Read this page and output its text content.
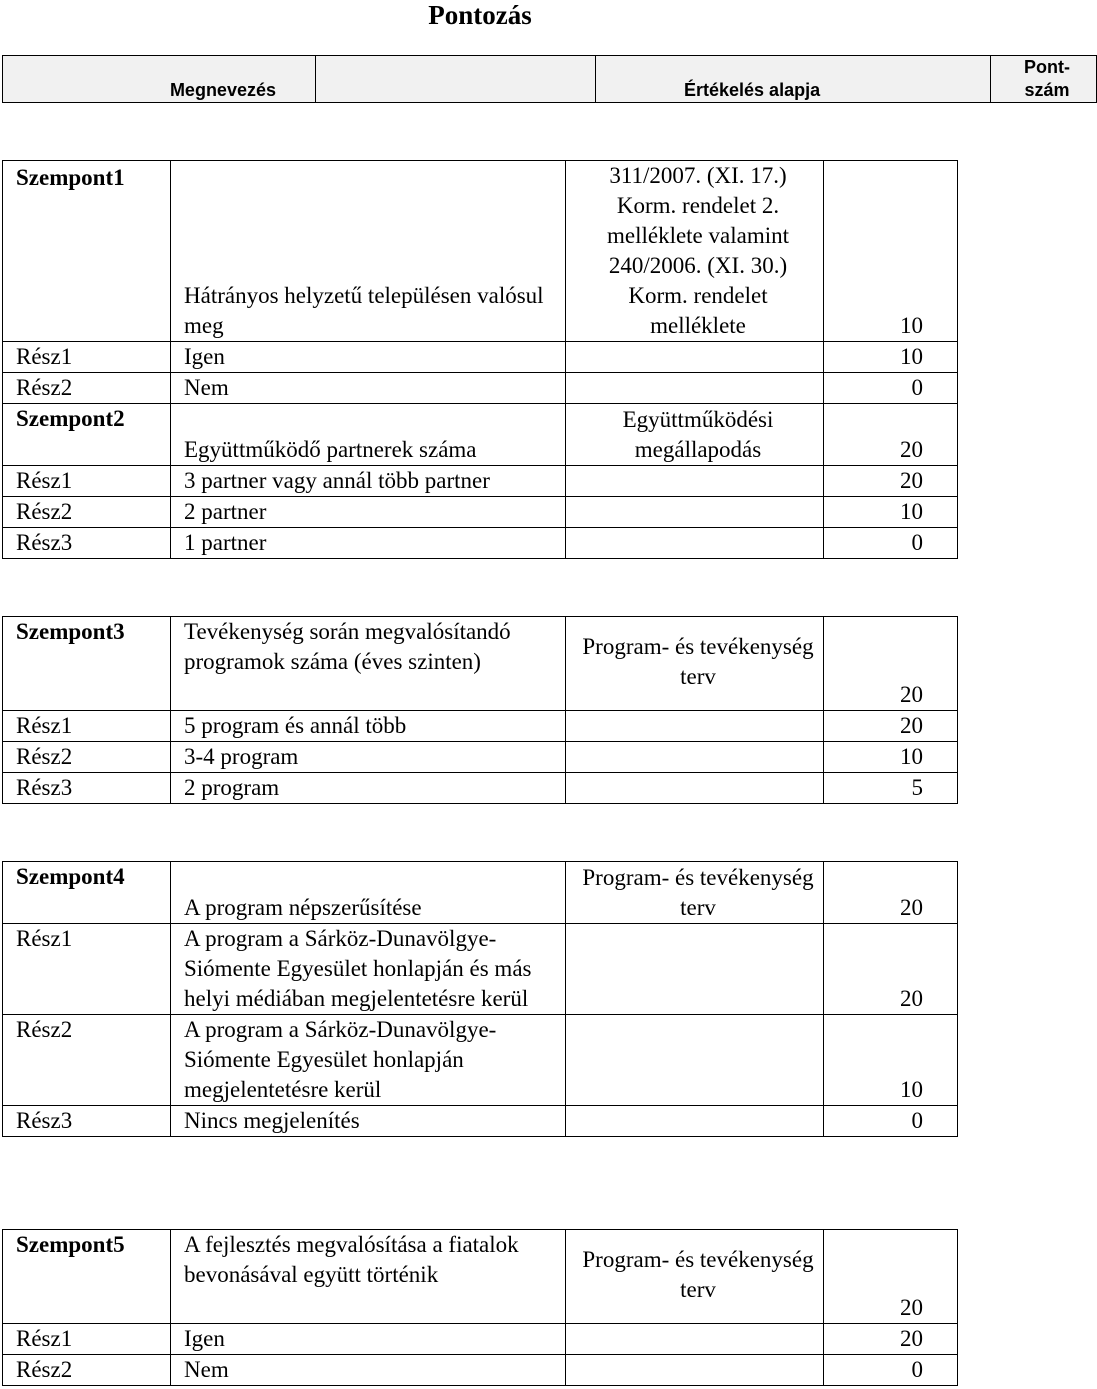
Pontozás
Megnevezés		Értékelés alapja	Pont-szám
Szempont1	Hátrányos helyzetű településen valósul meg	311/2007. (XI. 17.) Korm. rendelet 2. melléklete valamint 240/2006. (XI. 30.) Korm. rendelet melléklete	10
Rész1	Igen		10
Rész2	Nem		0
Szempont2	Együttműködő partnerek száma	Együttműködési megállapodás	20
Rész1	3 partner vagy annál több partner		20
Rész2	2 partner		10
Rész3	1 partner		0
Szempont3	Tevékenység során megvalósítandó programok száma (éves szinten)	Program- és tevékenység terv	20
Rész1	5 program és annál több		20
Rész2	3-4 program		10
Rész3	2 program		5
Szempont4	A program népszerűsítése	Program- és tevékenység terv	20
Rész1	A program a Sárköz-Dunavölgye-Siómente Egyesület honlapján és más helyi médiában megjelentetésre kerül		20
Rész2	A program a Sárköz-Dunavölgye-Siómente Egyesület honlapján megjelentetésre kerül		10
Rész3	Nincs megjelenítés		0
Szempont5	A fejlesztés megvalósítása a fiatalok bevonásával együtt történik	Program- és tevékenység terv	20
Rész1	Igen		20
Rész2	Nem		0
